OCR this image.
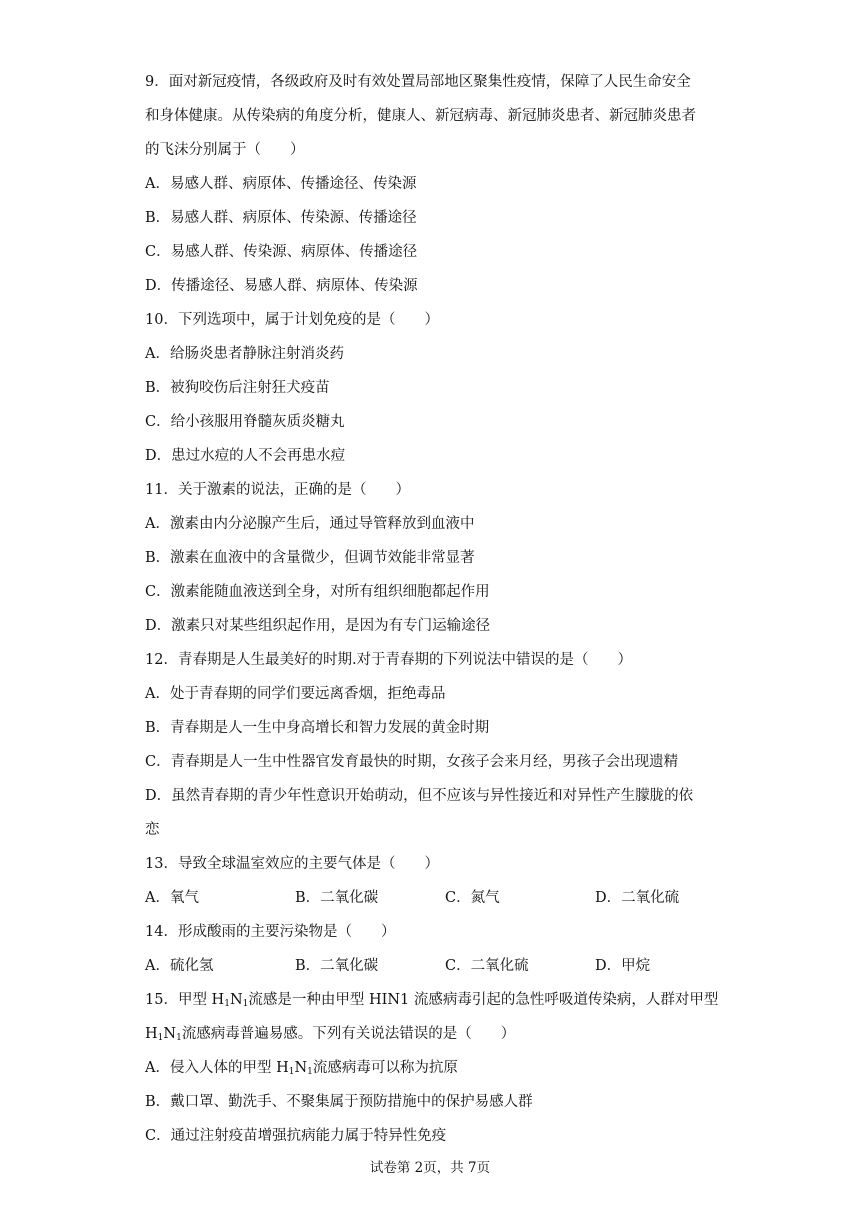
9．面对新冠疫情，各级政府及时有效处置局部地区聚集性疫情，保障了人民生命安全
和身体健康。从传染病的角度分析，健康人、新冠病毒、新冠肺炎患者、新冠肺炎患者
的飞沫分别属于（　　）
A．易感人群、病原体、传播途径、传染源
B．易感人群、病原体、传染源、传播途径
C．易感人群、传染源、病原体、传播途径
D．传播途径、易感人群、病原体、传染源
10．下列选项中，属于计划免疫的是（　　）
A．给肠炎患者静脉注射消炎药
B．被狗咬伤后注射狂犬疫苗
C．给小孩服用脊髓灰质炎糖丸
D．患过水痘的人不会再患水痘
11．关于激素的说法，正确的是（　　）
A．激素由内分泌腺产生后，通过导管释放到血液中
B．激素在血液中的含量微少，但调节效能非常显著
C．激素能随血液送到全身，对所有组织细胞都起作用
D．激素只对某些组织起作用，是因为有专门运输途径
12．青春期是人生最美好的时期.对于青春期的下列说法中错误的是（　　）
A．处于青春期的同学们要远离香烟，拒绝毒品
B．青春期是人一生中身高增长和智力发展的黄金时期
C．青春期是人一生中性器官发育最快的时期，女孩子会来月经，男孩子会出现遗精
D．虽然青春期的青少年性意识开始萌动，但不应该与异性接近和对异性产生朦胧的依
恋
13．导致全球温室效应的主要气体是（　　）
A．氧气	B．二氧化碳	C．氮气	D．二氧化硫
14．形成酸雨的主要污染物是（　　）
A．硫化氢	B．二氧化碳	C．二氧化硫	D．甲烷
15．甲型 $H_1N_1$流感是一种由甲型 HIN1 流感病毒引起的急性呼吸道传染病，人群对甲型
$H_1N_1$流感病毒普遍易感。下列有关说法错误的是（　　）
A．侵入人体的甲型 $H_1N_1$流感病毒可以称为抗原
B．戴口罩、勤洗手、不聚集属于预防措施中的保护易感人群
C．通过注射疫苗增强抗病能力属于特异性免疫
试卷第 2页，共 7页
